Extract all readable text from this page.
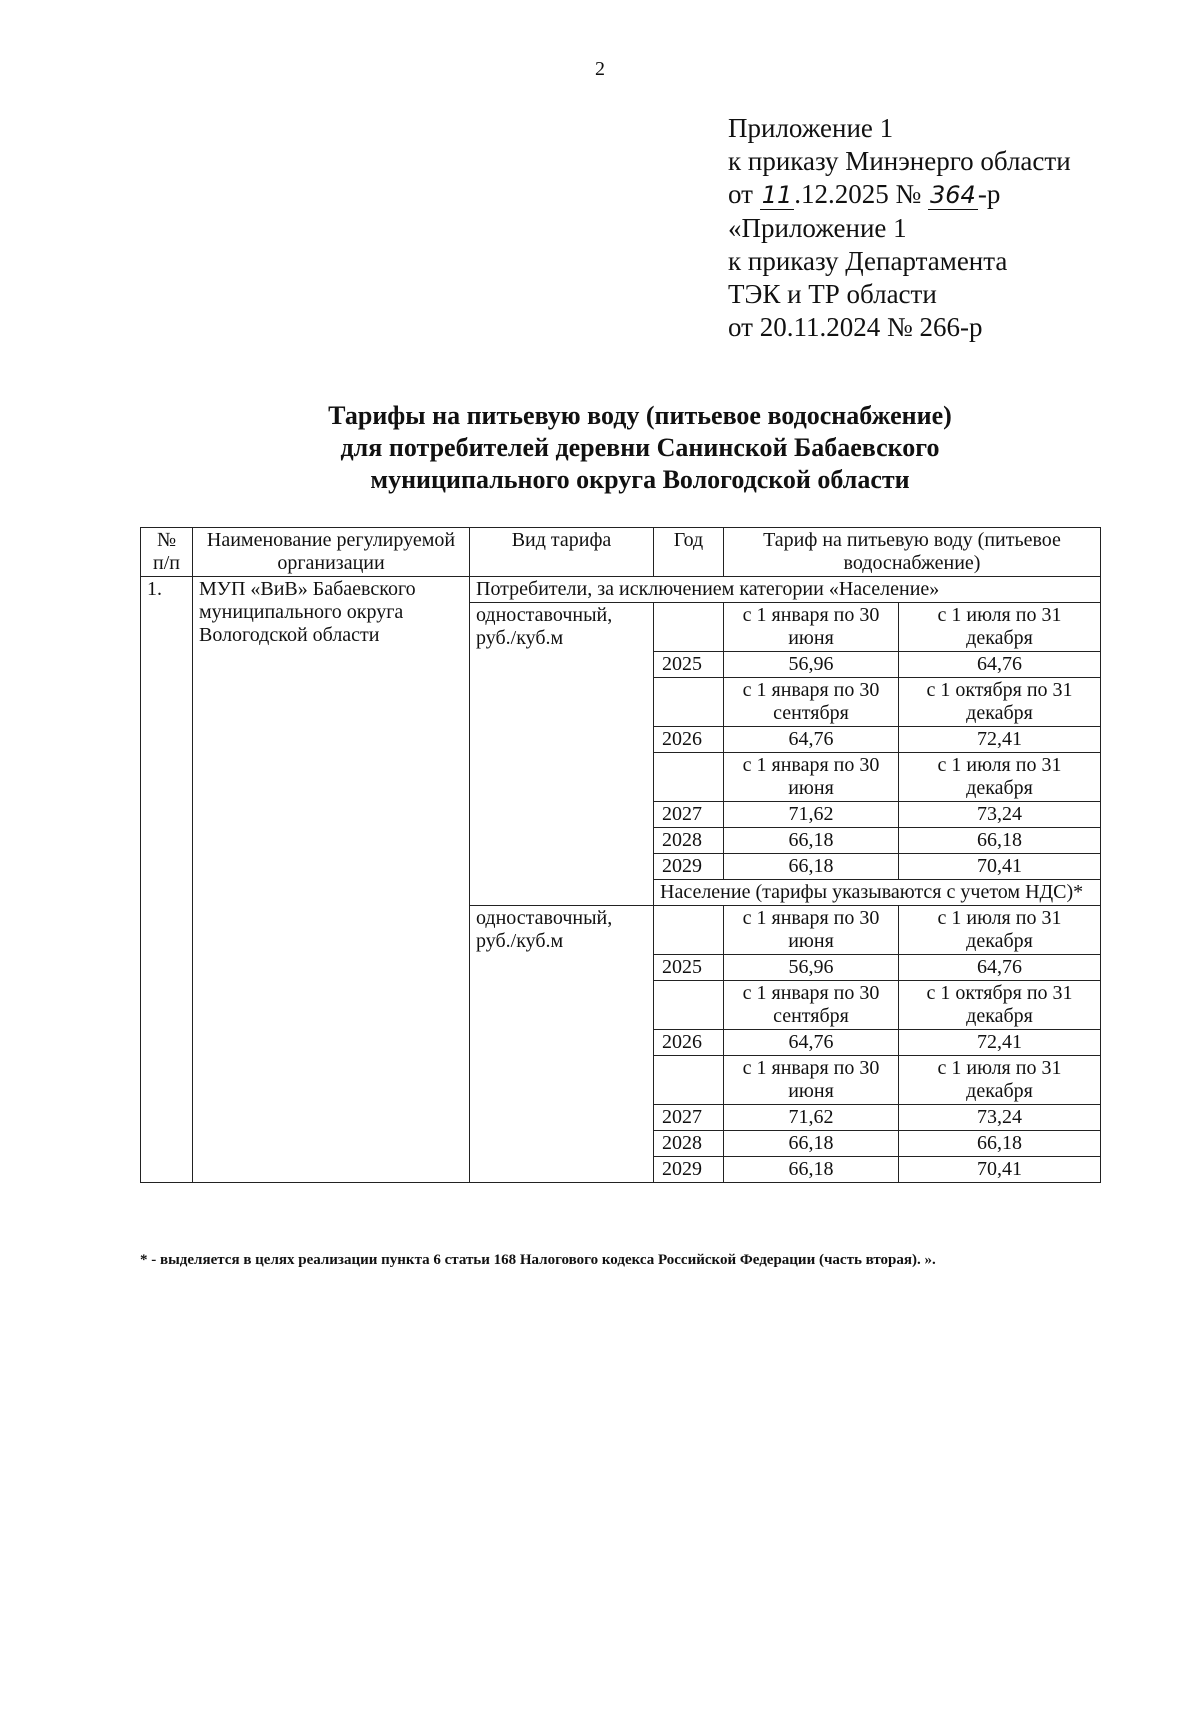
2
Приложение 1
к приказу Минэнерго области
от 11.12.2025 № 364-р
«Приложение 1
к приказу Департамента
ТЭК и ТР области
от 20.11.2024 № 266-р
Тарифы на питьевую воду (питьевое водоснабжение)
для потребителей деревни Санинской Бабаевского
муниципального округа Вологодской области
№ п/п	Наименование регулируемой организации	Вид тарифа	Год	Тариф на питьевую воду (питьевое водоснабжение)	
1.	МУП «ВиВ» Бабаевского муниципального округа Вологодской области	Потребители, за исключением категории «Население»			
		одноставочный, руб./куб.м		с 1 января по 30 июня	с 1 июля по 31 декабря
			2025	56,96	64,76
				с 1 января по 30 сентября	с 1 октября по 31 декабря
			2026	64,76	72,41
				с 1 января по 30 июня	с 1 июля по 31 декабря
			2027	71,62	73,24
			2028	66,18	66,18
			2029	66,18	70,41
			Население (тарифы указываются с учетом НДС)*		
		одноставочный, руб./куб.м		с 1 января по 30 июня	с 1 июля по 31 декабря
			2025	56,96	64,76
				с 1 января по 30 сентября	с 1 октября по 31 декабря
			2026	64,76	72,41
				с 1 января по 30 июня	с 1 июля по 31 декабря
			2027	71,62	73,24
			2028	66,18	66,18
			2029	66,18	70,41
* - выделяется в целях реализации пункта 6 статьи 168 Налогового кодекса Российской Федерации (часть вторая). ».
